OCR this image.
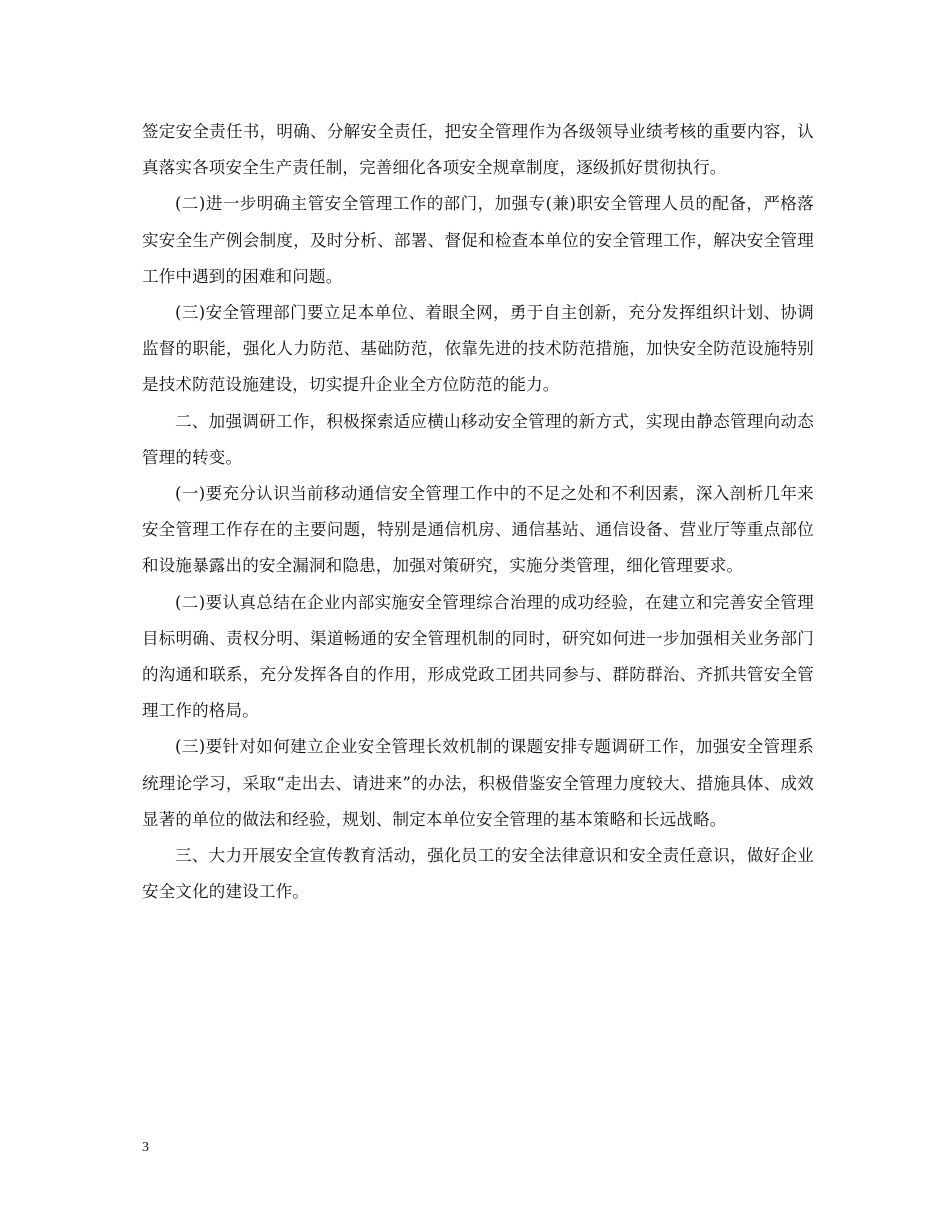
签定安全责任书，明确、分解安全责任，把安全管理作为各级领导业绩考核的重要内容，认真落实各项安全生产责任制，完善细化各项安全规章制度，逐级抓好贯彻执行。

(二)进一步明确主管安全管理工作的部门，加强专(兼)职安全管理人员的配备，严格落实安全生产例会制度，及时分析、部署、督促和检查本单位的安全管理工作，解决安全管理工作中遇到的困难和问题。

(三)安全管理部门要立足本单位、着眼全网，勇于自主创新，充分发挥组织计划、协调监督的职能，强化人力防范、基础防范，依靠先进的技术防范措施，加快安全防范设施特别是技术防范设施建设，切实提升企业全方位防范的能力。

二、加强调研工作，积极探索适应横山移动安全管理的新方式，实现由静态管理向动态管理的转变。

(一)要充分认识当前移动通信安全管理工作中的不足之处和不利因素，深入剖析几年来安全管理工作存在的主要问题，特别是通信机房、通信基站、通信设备、营业厅等重点部位和设施暴露出的安全漏洞和隐患，加强对策研究，实施分类管理，细化管理要求。

(二)要认真总结在企业内部实施安全管理综合治理的成功经验，在建立和完善安全管理目标明确、责权分明、渠道畅通的安全管理机制的同时，研究如何进一步加强相关业务部门的沟通和联系，充分发挥各自的作用，形成党政工团共同参与、群防群治、齐抓共管安全管理工作的格局。

(三)要针对如何建立企业安全管理长效机制的课题安排专题调研工作，加强安全管理系统理论学习，采取“走出去、请进来”的办法，积极借鉴安全管理力度较大、措施具体、成效显著的单位的做法和经验，规划、制定本单位安全管理的基本策略和长远战略。

三、大力开展安全宣传教育活动，强化员工的安全法律意识和安全责任意识，做好企业安全文化的建设工作。

3
